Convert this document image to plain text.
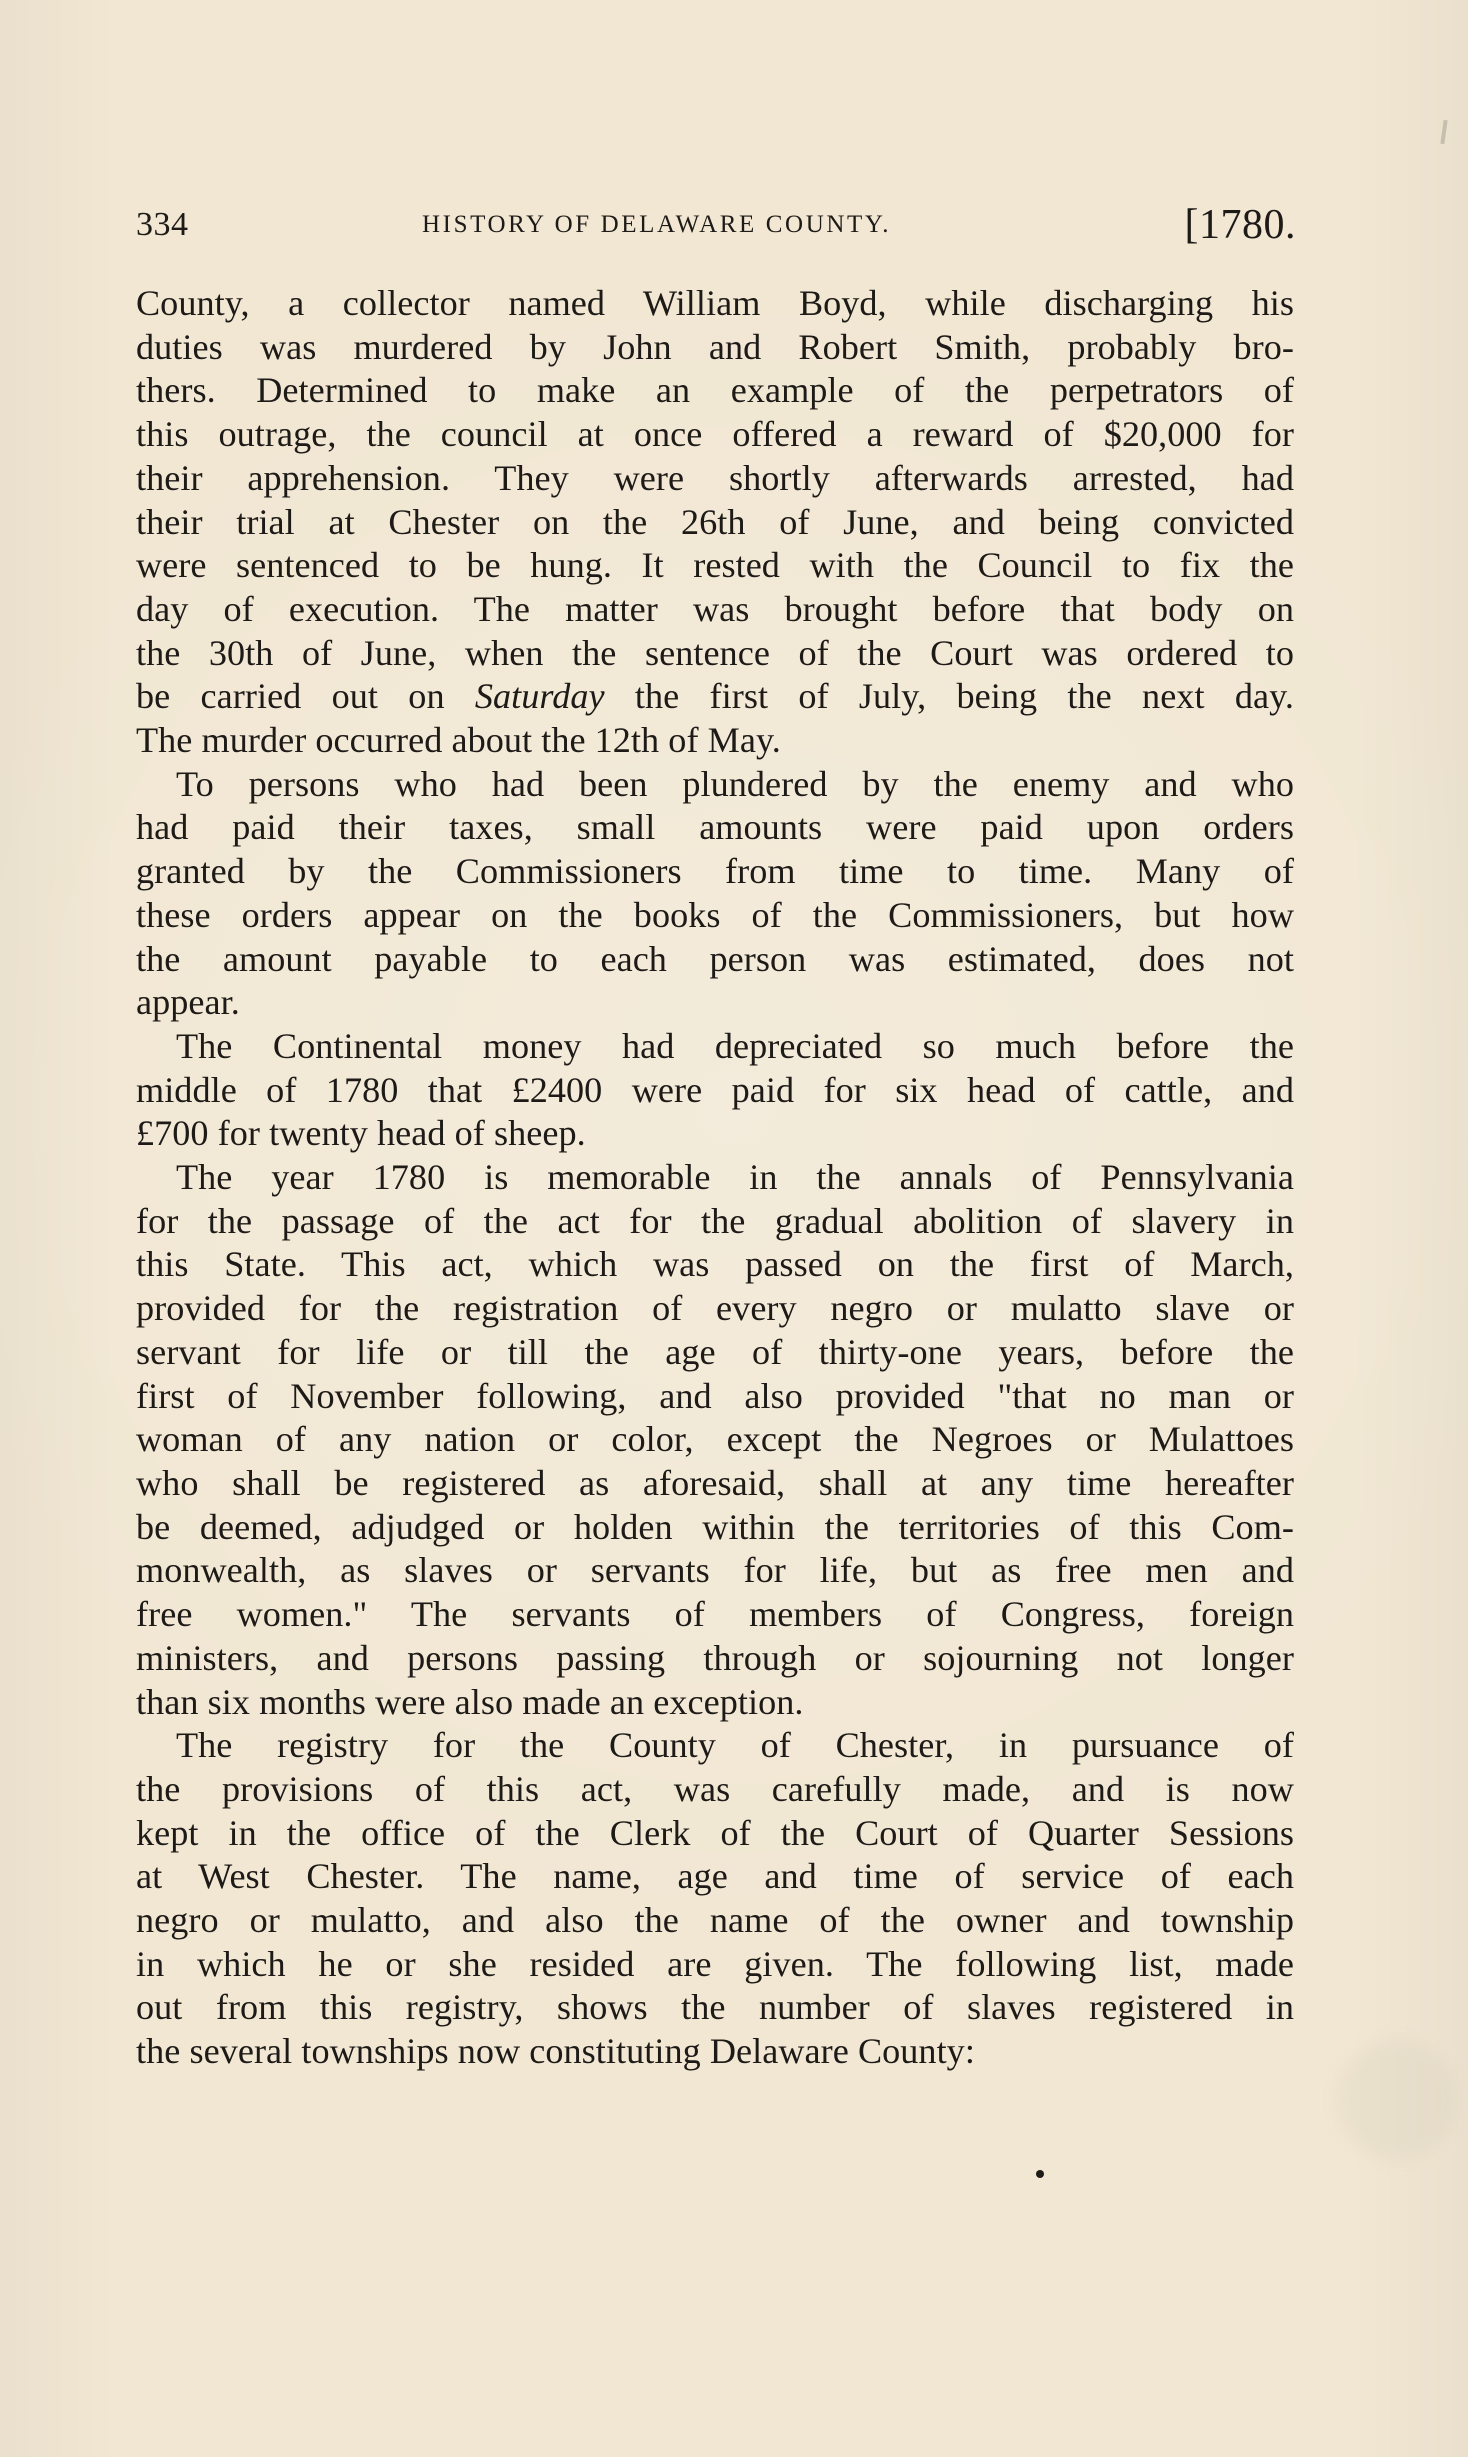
334	HISTORY OF DELAWARE COUNTY.	[1780.
County, a collector named William Boyd, while discharging his
duties was murdered by John and Robert Smith, probably bro-
thers. Determined to make an example of the perpetrators of
this outrage, the council at once offered a reward of $20,000 for
their apprehension. They were shortly afterwards arrested, had
their trial at Chester on the 26th of June, and being convicted
were sentenced to be hung. It rested with the Council to fix the
day of execution. The matter was brought before that body on
the 30th of June, when the sentence of the Court was ordered to
be carried out on Saturday the first of July, being the next day.
The murder occurred about the 12th of May.
To persons who had been plundered by the enemy and who
had paid their taxes, small amounts were paid upon orders
granted by the Commissioners from time to time. Many of
these orders appear on the books of the Commissioners, but how
the amount payable to each person was estimated, does not
appear.
The Continental money had depreciated so much before the
middle of 1780 that £2400 were paid for six head of cattle, and
£700 for twenty head of sheep.
The year 1780 is memorable in the annals of Pennsylvania
for the passage of the act for the gradual abolition of slavery in
this State. This act, which was passed on the first of March,
provided for the registration of every negro or mulatto slave or
servant for life or till the age of thirty-one years, before the
first of November following, and also provided "that no man or
woman of any nation or color, except the Negroes or Mulattoes
who shall be registered as aforesaid, shall at any time hereafter
be deemed, adjudged or holden within the territories of this Com-
monwealth, as slaves or servants for life, but as free men and
free women." The servants of members of Congress, foreign
ministers, and persons passing through or sojourning not longer
than six months were also made an exception.
The registry for the County of Chester, in pursuance of
the provisions of this act, was carefully made, and is now
kept in the office of the Clerk of the Court of Quarter Sessions
at West Chester. The name, age and time of service of each
negro or mulatto, and also the name of the owner and township
in which he or she resided are given. The following list, made
out from this registry, shows the number of slaves registered in
the several townships now constituting Delaware County:
